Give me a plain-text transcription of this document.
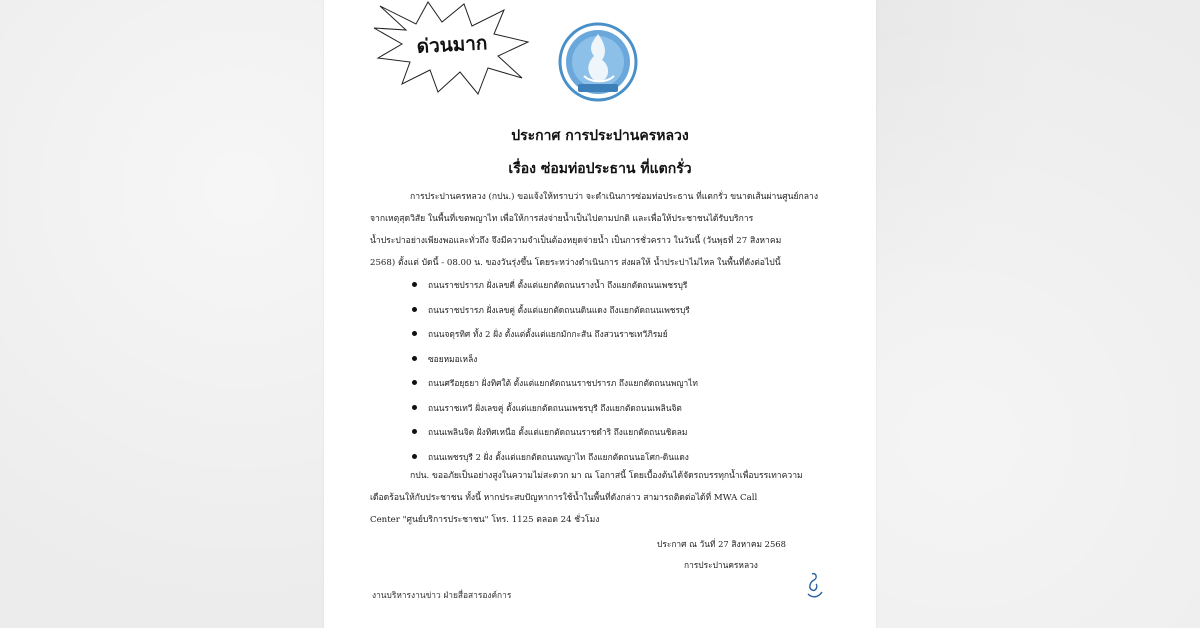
ด่วนมาก
ประกาศ การประปานครหลวง
เรื่อง ซ่อมท่อประธาน ที่แตกรั่ว
การประปานครหลวง (กปน.) ขอแจ้งให้ทราบว่า จะดำเนินการซ่อมท่อประธาน ที่แตกรั่ว ขนาดเส้นผ่านศูนย์กลาง
จากเหตุสุดวิสัย ในพื้นที่เขตพญาไท เพื่อให้การส่งจ่ายน้ำเป็นไปตามปกติ และเพื่อให้ประชาชนได้รับบริการ
น้ำประปาอย่างเพียงพอและทั่วถึง จึงมีความจำเป็นต้องหยุดจ่ายน้ำ เป็นการชั่วคราว ในวันนี้ (วันพุธที่ 27 สิงหาคม
2568) ตั้งแต่ บัดนี้ - 08.00 น. ของวันรุ่งขึ้น โดยระหว่างดำเนินการ ส่งผลให้ น้ำประปาไม่ไหล ในพื้นที่ดังต่อไปนี้
ถนนราชปรารภ ฝั่งเลขคี่ ตั้งแต่แยกตัดถนนรางน้ำ ถึงแยกตัดถนนเพชรบุรี
ถนนราชปรารภ ฝั่งเลขคู่ ตั้งแต่แยกตัดถนนดินแดง ถึงแยกตัดถนนเพชรบุรี
ถนนจตุรทิศ ทั้ง 2 ฝั่ง ตั้งแต่ตั้งแต่แยกมักกะสัน ถึงสวนราชเทวีภิรมย์
ซอยหมอเหล็ง
ถนนศรีอยุธยา ฝั่งทิศใต้ ตั้งแต่แยกตัดถนนราชปรารภ ถึงแยกตัดถนนพญาไท
ถนนราชเทวี ฝั่งเลขคู่ ตั้งแต่แยกตัดถนนเพชรบุรี ถึงแยกตัดถนนเพลินจิต
ถนนเพลินจิต ฝั่งทิศเหนือ ตั้งแต่แยกตัดถนนราชดำริ ถึงแยกตัดถนนชิดลม
ถนนเพชรบุรี 2 ฝั่ง ตั้งแต่แยกตัดถนนพญาไท ถึงแยกตัดถนนอโศก-ดินแดง
กปน. ขออภัยเป็นอย่างสูงในความไม่สะดวก มา ณ โอกาสนี้ โดยเบื้องต้นได้จัดรถบรรทุกน้ำเพื่อบรรเทาความ
เดือดร้อนให้กับประชาชน ทั้งนี้ หากประสบปัญหาการใช้น้ำในพื้นที่ดังกล่าว สามารถติดต่อได้ที่ MWA Call
Center "ศูนย์บริการประชาชน" โทร. 1125 ตลอด 24 ชั่วโมง
ประกาศ ณ วันที่ 27 สิงหาคม 2568
การประปานครหลวง
งานบริหารงานข่าว ฝ่ายสื่อสารองค์การ
